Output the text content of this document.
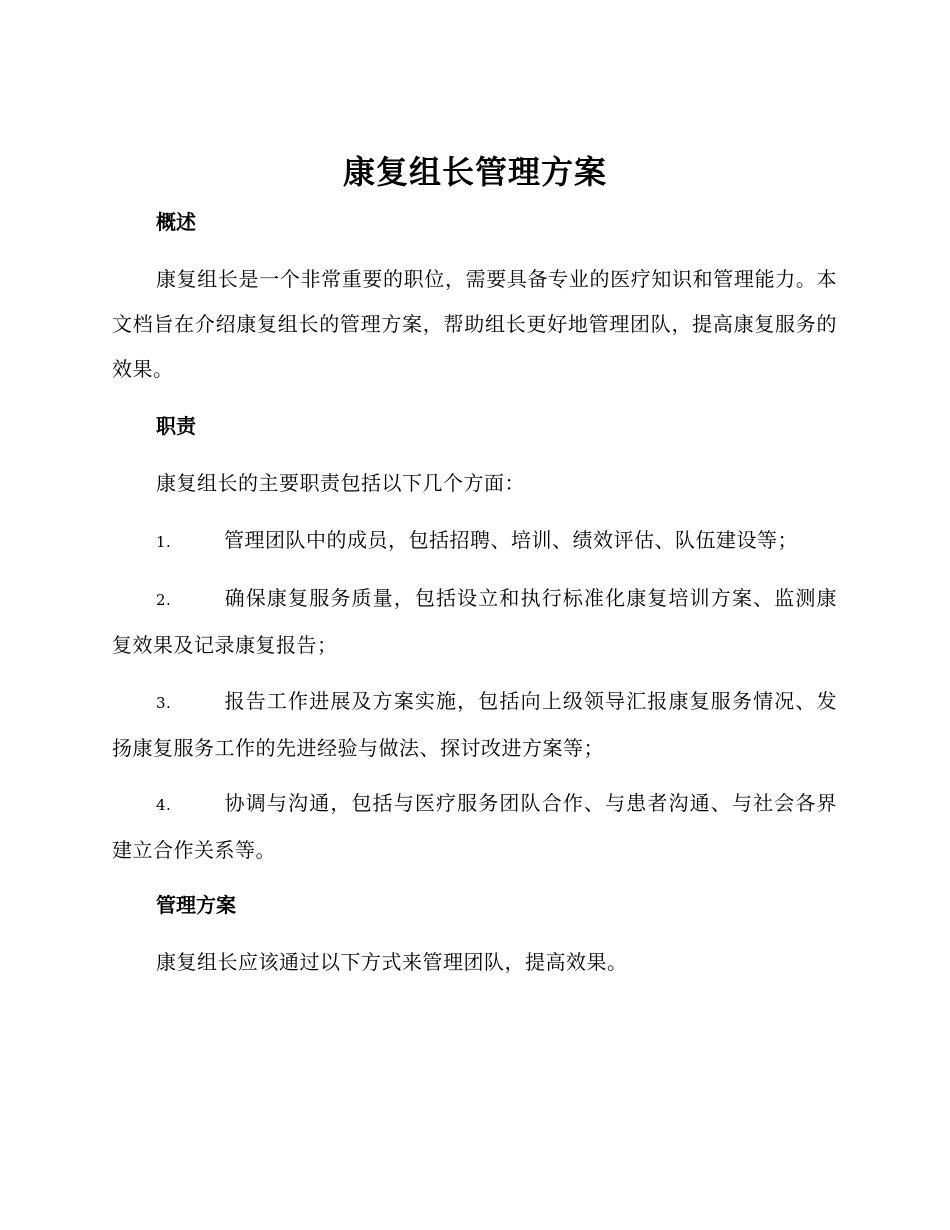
康复组长管理方案
概述

康复组长是一个非常重要的职位，需要具备专业的医疗知识和管理能力。本文档旨在介绍康复组长的管理方案，帮助组长更好地管理团队，提高康复服务的效果。

职责

康复组长的主要职责包括以下几个方面：

1.	管理团队中的成员，包括招聘、培训、绩效评估、队伍建设等；

2.	确保康复服务质量，包括设立和执行标准化康复培训方案、监测康复效果及记录康复报告；

3.	报告工作进展及方案实施，包括向上级领导汇报康复服务情况、发扬康复服务工作的先进经验与做法、探讨改进方案等；

4.	协调与沟通，包括与医疗服务团队合作、与患者沟通、与社会各界建立合作关系等。

管理方案

康复组长应该通过以下方式来管理团队，提高效果。
